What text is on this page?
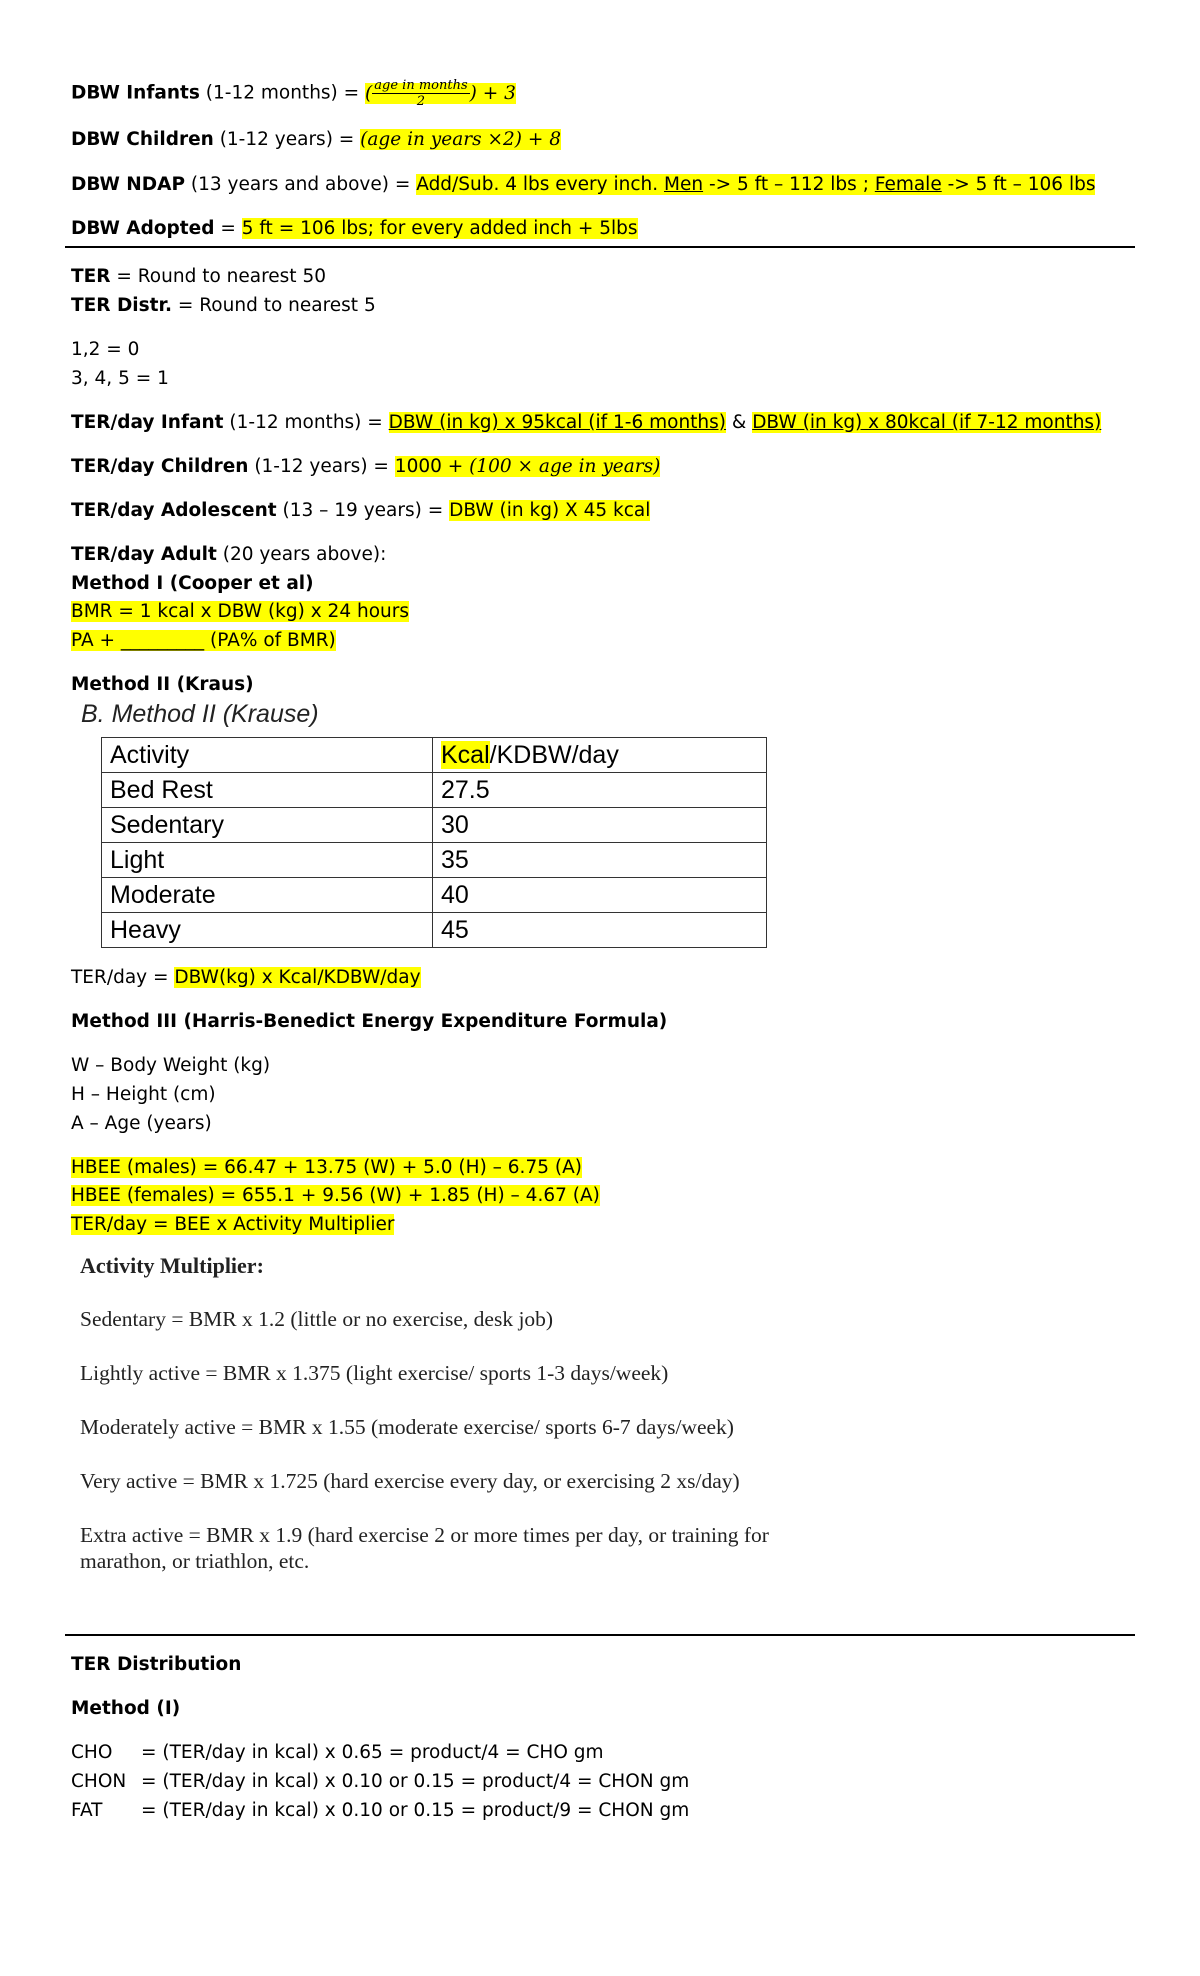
DBW Infants (1-12 months) = ( $\frac{\text{age in months}}{2}$ ) + 3
DBW Children (1-12 years) = (age in years ×2) + 8
DBW NDAP (13 years and above) = Add/Sub. 4 lbs every inch. Men -> 5 ft – 112 lbs ; Female -> 5 ft – 106 lbs
DBW Adopted = 5 ft = 106 lbs; for every added inch + 5lbs
TER = Round to nearest 50
TER Distr. = Round to nearest 5
1,2 = 0
3, 4, 5 = 1
TER/day Infant (1-12 months) = DBW (in kg) x 95kcal (if 1-6 months) & DBW (in kg) x 80kcal (if 7-12 months)
TER/day Children (1-12 years) = 1000 + (100 × age in years)
TER/day Adolescent (13 – 19 years) = DBW (in kg) X 45 kcal
TER/day Adult (20 years above):
Method I (Cooper et al)
BMR = 1 kcal x DBW (kg) x 24 hours
PA + _________ (PA% of BMR)
Method II (Kraus)
B. Method II (Krause)
Activity	Kcal/KDBW/day
Bed Rest	27.5
Sedentary	30
Light	35
Moderate	40
Heavy	45
TER/day = DBW(kg) x Kcal/KDBW/day
Method III (Harris-Benedict Energy Expenditure Formula)
W – Body Weight (kg)
H – Height (cm)
A – Age (years)
HBEE (males) = 66.47 + 13.75 (W) + 5.0 (H) – 6.75 (A)
HBEE (females) = 655.1 + 9.56 (W) + 1.85 (H) – 4.67 (A)
TER/day = BEE x Activity Multiplier
Activity Multiplier:
Sedentary = BMR x 1.2 (little or no exercise, desk job)
Lightly active = BMR x 1.375 (light exercise/ sports 1-3 days/week)
Moderately active = BMR x 1.55 (moderate exercise/ sports 6-7 days/week)
Very active = BMR x 1.725 (hard exercise every day, or exercising 2 xs/day)
Extra active = BMR x 1.9 (hard exercise 2 or more times per day, or training for
marathon, or triathlon, etc.
TER Distribution
Method (I)
CHO = (TER/day in kcal) x 0.65 = product/4 = CHO gm
CHON = (TER/day in kcal) x 0.10 or 0.15 = product/4 = CHON gm
FAT = (TER/day in kcal) x 0.10 or 0.15 = product/9 = CHON gm
